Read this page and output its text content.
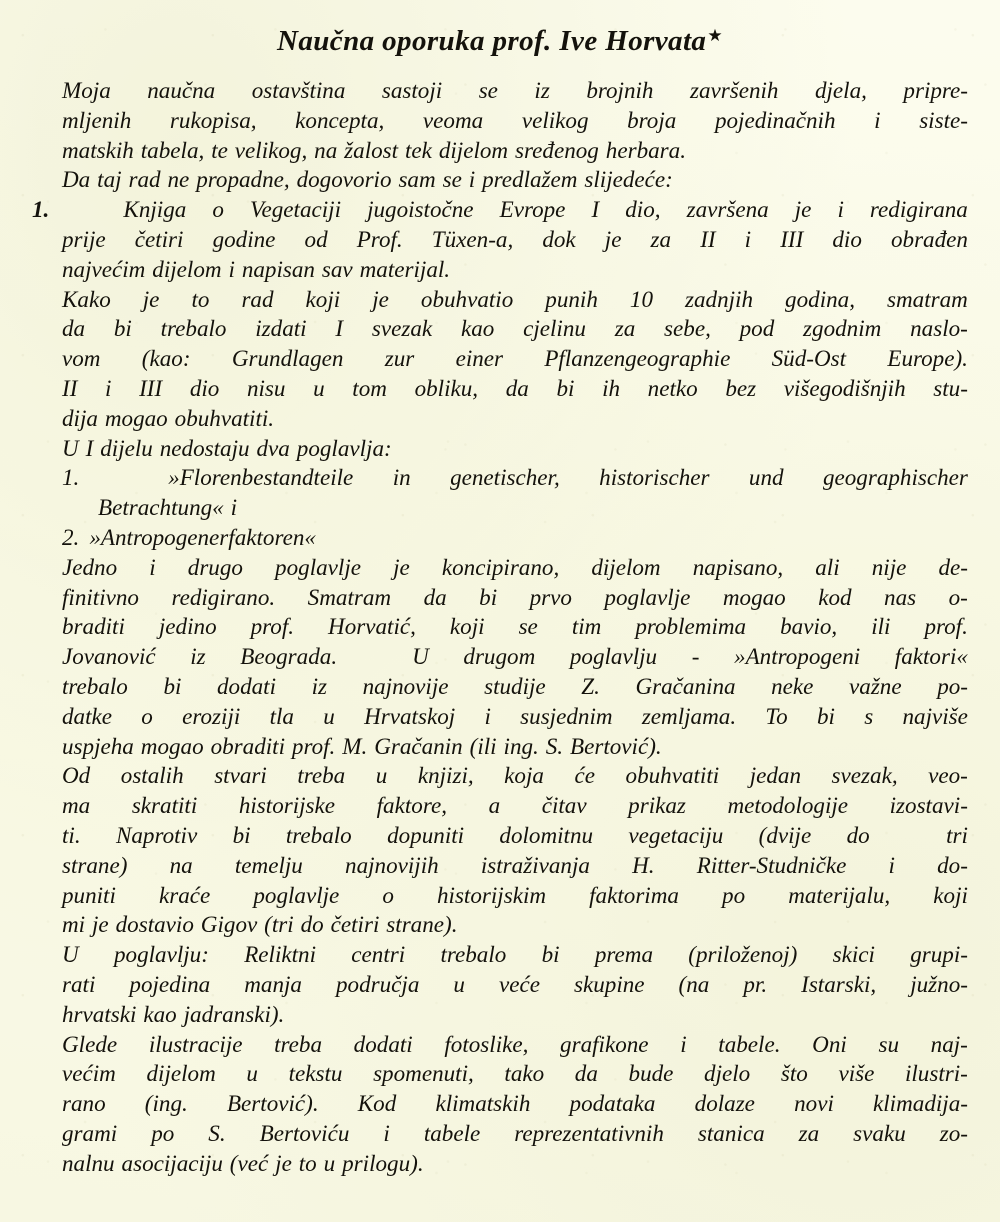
Naučna oporuka prof. Ive Horvata★
Moja naučna ostavština sastoji se iz brojnih završenih djela, pripre-
mljenih rukopisa, koncepta, veoma velikog broja pojedinačnih i siste-
matskih tabela, te velikog, na žalost tek dijelom sređenog herbara.
Da taj rad ne propadne, dogovorio sam se i predlažem slijedeće:
1.	Knjiga o Vegetaciji jugoistočne Evrope I dio, završena je i redigirana
prije četiri godine od Prof. Tüxen-a, dok je za II i III dio obrađen
najvećim dijelom i napisan sav materijal.
Kako je to rad koji je obuhvatio punih 10 zadnjih godina, smatram
da bi trebalo izdati I svezak kao cjelinu za sebe, pod zgodnim naslo-
vom (kao: Grundlagen zur einer Pflanzengeographie Süd-Ost Europe).
II i III dio nisu u tom obliku, da bi ih netko bez višegodišnjih stu-
dija mogao obuhvatiti.
U I dijelu nedostaju dva poglavlja:
1.	»Florenbestandteile in genetischer, historischer und geographischer
Betrachtung« i
2. »Antropogenerfaktoren«
Jedno i drugo poglavlje je koncipirano, dijelom napisano, ali nije de-
finitivno redigirano. Smatram da bi prvo poglavlje mogao kod nas o-
braditi jedino prof. Horvatić, koji se tim problemima bavio, ili prof.
Jovanović iz Beograda.
	U drugom poglavlju - »Antropogeni faktori«
trebalo bi dodati iz najnovije studije Z. Gračanina neke važne po-
datke o eroziji tla u Hrvatskoj i susjednim zemljama. To bi s najviše
uspjeha mogao obraditi prof. M. Gračanin (ili ing. S. Bertović).
Od ostalih stvari treba u knjizi, koja će obuhvatiti jedan svezak, veo-
ma skratiti historijske faktore, a čitav prikaz metodologije izostavi-
ti. Naprotiv bi trebalo dopuniti dolomitnu vegetaciju (dvije do
	tri
strane) na temelju najnovijih istraživanja H. Ritter-Studničke i do-
puniti kraće poglavlje o historijskim faktorima po materijalu, koji
mi je dostavio Gigov (tri do četiri strane).
U poglavlju: Reliktni centri trebalo bi prema (priloženoj) skici grupi-
rati pojedina manja područja u veće skupine (na pr. Istarski, južno-
hrvatski kao jadranski).
Glede ilustracije treba dodati fotoslike, grafikone i tabele. Oni su naj-
većim dijelom u tekstu spomenuti, tako da bude djelo što više ilustri-
rano (ing. Bertović). Kod klimatskih podataka dolaze novi klimadija-
grami po S. Bertoviću i tabele reprezentativnih stanica za svaku zo-
nalnu asocijaciju (već je to u prilogu).
